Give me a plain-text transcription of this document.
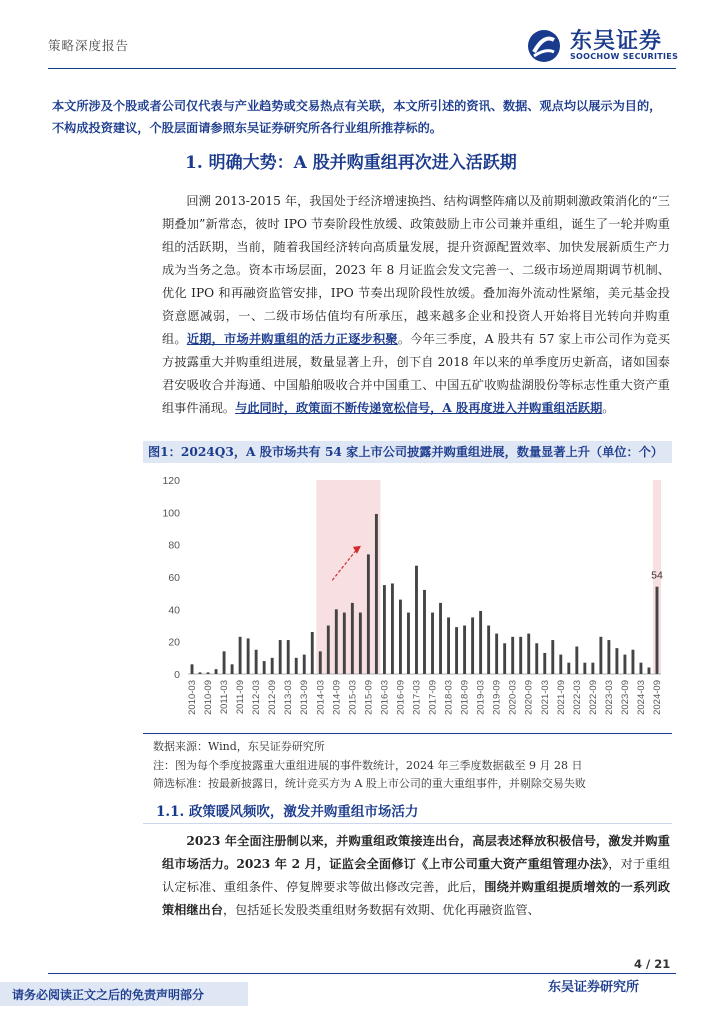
策略深度报告	东吴证券
SOOCHOW SECURITIES
本文所涉及个股或者公司仅代表与产业趋势或交易热点有关联，本文所引述的资讯、数据、观点均以展示为目的，不构成投资建议，个股层面请参照东吴证券研究所各行业组所推荐标的。
1. 明确大势：A 股并购重组再次进入活跃期
回溯 2013-2015 年，我国处于经济增速换挡、结构调整阵痛以及前期刺激政策消化的“三期叠加”新常态，彼时 IPO 节奏阶段性放缓、政策鼓励上市公司兼并重组，诞生了一轮并购重组的活跃期，当前，随着我国经济转向高质量发展，提升资源配置效率、加快发展新质生产力成为当务之急。资本市场层面，2023 年 8 月证监会发文完善一、二级市场逆周期调节机制、优化 IPO 和再融资监管安排，IPO 节奏出现阶段性放缓。叠加海外流动性紧缩，美元基金投资意愿减弱，一、二级市场估值均有所承压，越来越多企业和投资人开始将目光转向并购重组。近期，市场并购重组的活力正逐步积聚。今年三季度，A 股共有 57 家上市公司作为竞买方披露重大并购重组进展，数量显著上升，创下自 2018 年以来的单季度历史新高，诸如国泰君安吸收合并海通、中国船舶吸收合并中国重工、中国五矿收购盐湖股份等标志性重大资产重组事件涌现。与此同时，政策面不断传递宽松信号，A 股再度进入并购重组活跃期。
图1：2024Q3，A 股市场共有 54 家上市公司披露并购重组进展，数量显著上升（单位：个）
0
20
40
60
80
100
120
54
2010-03 2010-09 2011-03 2011-09 2012-03 2012-09 2013-03 2013-09 2014-03 2014-09 2015-03 2015-09 2016-03 2016-09 2017-03 2017-09 2018-03 2018-09 2019-03 2019-09 2020-03 2020-09 2021-03 2021-09 2022-03 2022-09 2023-03 2023-09 2024-03 2024-09
数据来源：Wind，东吴证券研究所
注：图为每个季度披露重大重组进展的事件数统计，2024 年三季度数据截至 9 月 28 日
筛选标准：按最新披露日，统计竞买方为 A 股上市公司的重大重组事件，并剔除交易失败
1.1. 政策暖风频吹，激发并购重组市场活力
2023 年全面注册制以来，并购重组政策接连出台，高层表述释放积极信号，激发并购重组市场活力。2023 年 2 月，证监会全面修订《上市公司重大资产重组管理办法》，对于重组认定标准、重组条件、停复牌要求等做出修改完善，此后，围绕并购重组提质增效的一系列政策相继出台，包括延长发股类重组财务数据有效期、优化再融资监管、
4 / 21
请务必阅读正文之后的免责声明部分	东吴证券研究所
